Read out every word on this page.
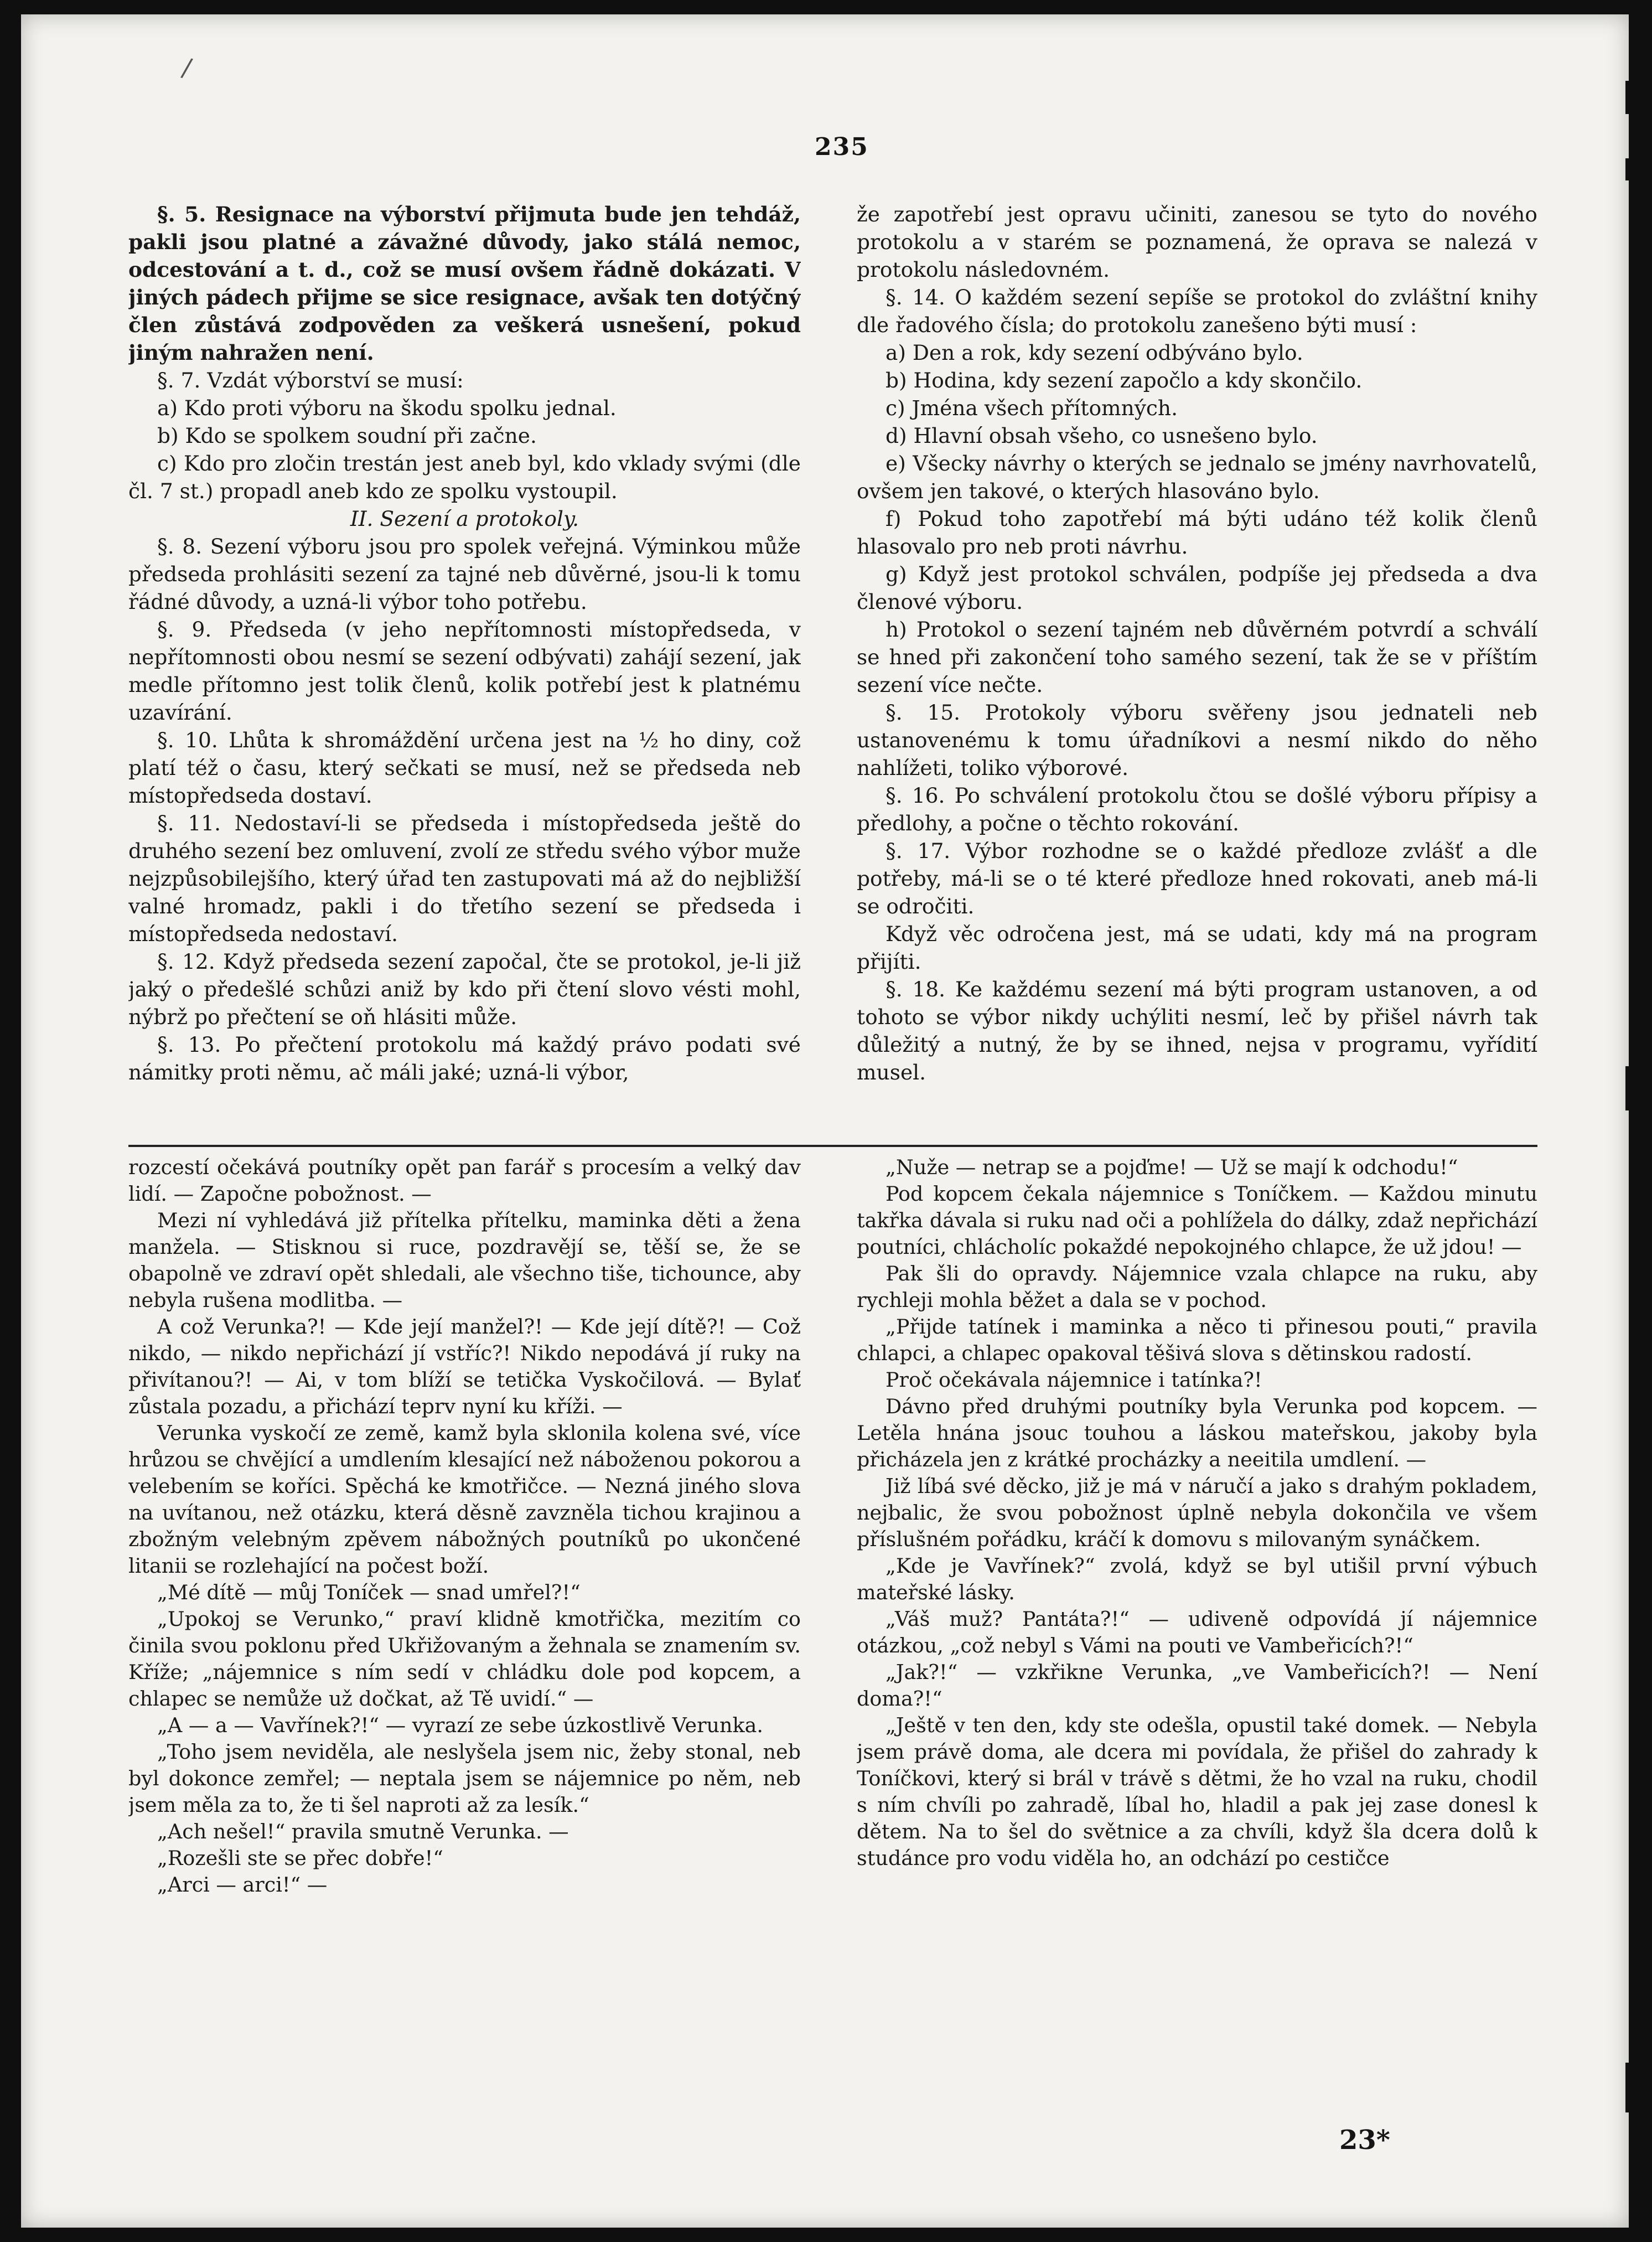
/
235

§. 5. Resignace na výborství přijmuta bude jen tehdáž, pakli jsou platné a závažné důvody, jako stálá nemoc, odcestování a t. d., což se musí ovšem řádně dokázati. V jiných pádech přijme se sice resignace, avšak ten dotýčný člen zůstává zodpověden za veškerá usnešení, pokud jiným nahražen není.

§. 7. Vzdát výborství se musí:

a) Kdo proti výboru na škodu spolku jednal.

b) Kdo se spolkem soudní při začne.

c) Kdo pro zločin trestán jest aneb byl, kdo vklady svými (dle čl. 7 st.) propadl aneb kdo ze spolku vystoupil.

II. Sezení a protokoly.

§. 8. Sezení výboru jsou pro spolek veřejná. Výminkou může předseda prohlásiti sezení za tajné neb důvěrné, jsou-li k tomu řádné důvody, a uzná-li výbor toho potřebu.

§. 9. Předseda (v jeho nepřítomnosti místopředseda, v nepřítomnosti obou nesmí se sezení odbývati) zahájí sezení, jak medle přítomno jest tolik členů, kolik potřebí jest k platnému uzavírání.

§. 10. Lhůta k shromáždění určena jest na ½ ho diny, což platí též o času, který sečkati se musí, než se předseda neb místopředseda dostaví.

§. 11. Nedostaví-li se předseda i místopředseda ještě do druhého sezení bez omluvení, zvolí ze středu svého výbor muže nejzpůsobilejšího, který úřad ten zastupovati má až do nejbližší valné hromadz, pakli i do třetího sezení se předseda i místopředseda nedostaví.

§. 12. Když předseda sezení započal, čte se protokol, je-li již jaký o předešlé schůzi aniž by kdo při čtení slovo vésti mohl, nýbrž po přečtení se oň hlásiti může.

§. 13. Po přečtení protokolu má každý právo podati své námitky proti němu, ač máli jaké; uzná-li výbor,

že zapotřebí jest opravu učiniti, zanesou se tyto do nového protokolu a v starém se poznamená, že oprava se nalezá v protokolu následovném.

§. 14. O každém sezení sepíše se protokol do zvláštní knihy dle řadového čísla; do protokolu zanešeno býti musí :

a) Den a rok, kdy sezení odbýváno bylo.

b) Hodina, kdy sezení započlo a kdy skončilo.

c) Jména všech přítomných.

d) Hlavní obsah všeho, co usnešeno bylo.

e) Všecky návrhy o kterých se jednalo se jmény navrhovatelů, ovšem jen takové, o kterých hlasováno bylo.

f) Pokud toho zapotřebí má býti udáno též kolik členů hlasovalo pro neb proti návrhu.

g) Když jest protokol schválen, podpíše jej předseda a dva členové výboru.

h) Protokol o sezení tajném neb důvěrném potvrdí a schválí se hned při zakončení toho samého sezení, tak že se v příštím sezení více nečte.

§. 15. Protokoly výboru svěřeny jsou jednateli neb ustanovenému k tomu úřadníkovi a nesmí nikdo do něho nahlížeti, toliko výborové.

§. 16. Po schválení protokolu čtou se došlé výboru přípisy a předlohy, a počne o těchto rokování.

§. 17. Výbor rozhodne se o každé předloze zvlášť a dle potřeby, má-li se o té které předloze hned rokovati, aneb má-li se odročiti.

Když věc odročena jest, má se udati, kdy má na program přijíti.

§. 18. Ke každému sezení má býti program ustanoven, a od tohoto se výbor nikdy uchýliti nesmí, leč by přišel návrh tak důležitý a nutný, že by se ihned, nejsa v programu, vyřídití musel.

rozcestí očekává poutníky opět pan farář s procesím a velký dav lidí. — Započne pobožnost. —

Mezi ní vyhledává již přítelka přítelku, maminka děti a žena manžela. — Stisknou si ruce, pozdravějí se, těší se, že se obapolně ve zdraví opět shledali, ale všechno tiše, tichounce, aby nebyla rušena modlitba. —

A což Verunka?! — Kde její manžel?! — Kde její dítě?! — Což nikdo, — nikdo nepřichází jí vstříc?! Nikdo nepodává jí ruky na přivítanou?! — Ai, v tom blíží se tetička Vyskočilová. — Bylať zůstala pozadu, a přichází teprv nyní ku kříži. —

Verunka vyskočí ze země, kamž byla sklonila kolena své, více hrůzou se chvějící a umdlením klesající než náboženou pokorou a velebením se koříci. Spěchá ke kmotřičce. — Nezná jiného slova na uvítanou, než otázku, která děsně zavzněla tichou krajinou a zbožným velebným zpěvem nábožných poutníků po ukončené litanii se rozlehající na počest boží.

„Mé dítě — můj Toníček — snad umřel?!“

„Upokoj se Verunko,“ praví klidně kmotřička, mezitím co činila svou poklonu před Ukřižovaným a žehnala se znamením sv. Kříže; „nájemnice s ním sedí v chládku dole pod kopcem, a chlapec se nemůže už dočkat, až Tě uvidí.“ —

„A — a — Vavřínek?!“ — vyrazí ze sebe úzkostlivě Verunka.

„Toho jsem neviděla, ale neslyšela jsem nic, žeby stonal, neb byl dokonce zemřel; — neptala jsem se nájemnice po něm, neb jsem měla za to, že ti šel naproti až za lesík.“

„Ach nešel!“ pravila smutně Verunka. —

„Rozešli ste se přec dobře!“

„Arci — arci!“ —

„Nuže — netrap se a pojďme! — Už se mají k odchodu!“

Pod kopcem čekala nájemnice s Toníčkem. — Každou minutu takřka dávala si ruku nad oči a pohlížela do dálky, zdaž nepřichází poutníci, chlácholíc pokaždé nepokojného chlapce, že už jdou! —

Pak šli do opravdy. Nájemnice vzala chlapce na ruku, aby rychleji mohla běžet a dala se v pochod.

„Přijde tatínek i maminka a něco ti přinesou pouti,“ pravila chlapci, a chlapec opakoval těšivá slova s dětinskou radostí.

Proč očekávala nájemnice i tatínka?!

Dávno před druhými poutníky byla Verunka pod kopcem. — Letěla hnána jsouc touhou a láskou mateřskou, jakoby byla přicházela jen z krátké procházky a neeitila umdlení. —

Již líbá své děcko, již je má v náručí a jako s drahým pokladem, nejbalic, že svou pobožnost úplně nebyla dokončila ve všem příslušném pořádku, kráčí k domovu s milovaným synáčkem.

„Kde je Vavřínek?“ zvolá, když se byl utišil první výbuch mateřské lásky.

„Váš muž? Pantáta?!“ — udiveně odpovídá jí nájemnice otázkou, „což nebyl s Vámi na pouti ve Vambeřicích?!“

„Jak?!“ — vzkřikne Verunka, „ve Vambeřicích?! — Není doma?!“

„Ještě v ten den, kdy ste odešla, opustil také domek. — Nebyla jsem právě doma, ale dcera mi povídala, že přišel do zahrady k Toníčkovi, který si brál v trávě s dětmi, že ho vzal na ruku, chodil s ním chvíli po zahradě, líbal ho, hladil a pak jej zase donesl k dětem. Na to šel do světnice a za chvíli, když šla dcera dolů k studánce pro vodu viděla ho, an odchází po cestičce

23*
